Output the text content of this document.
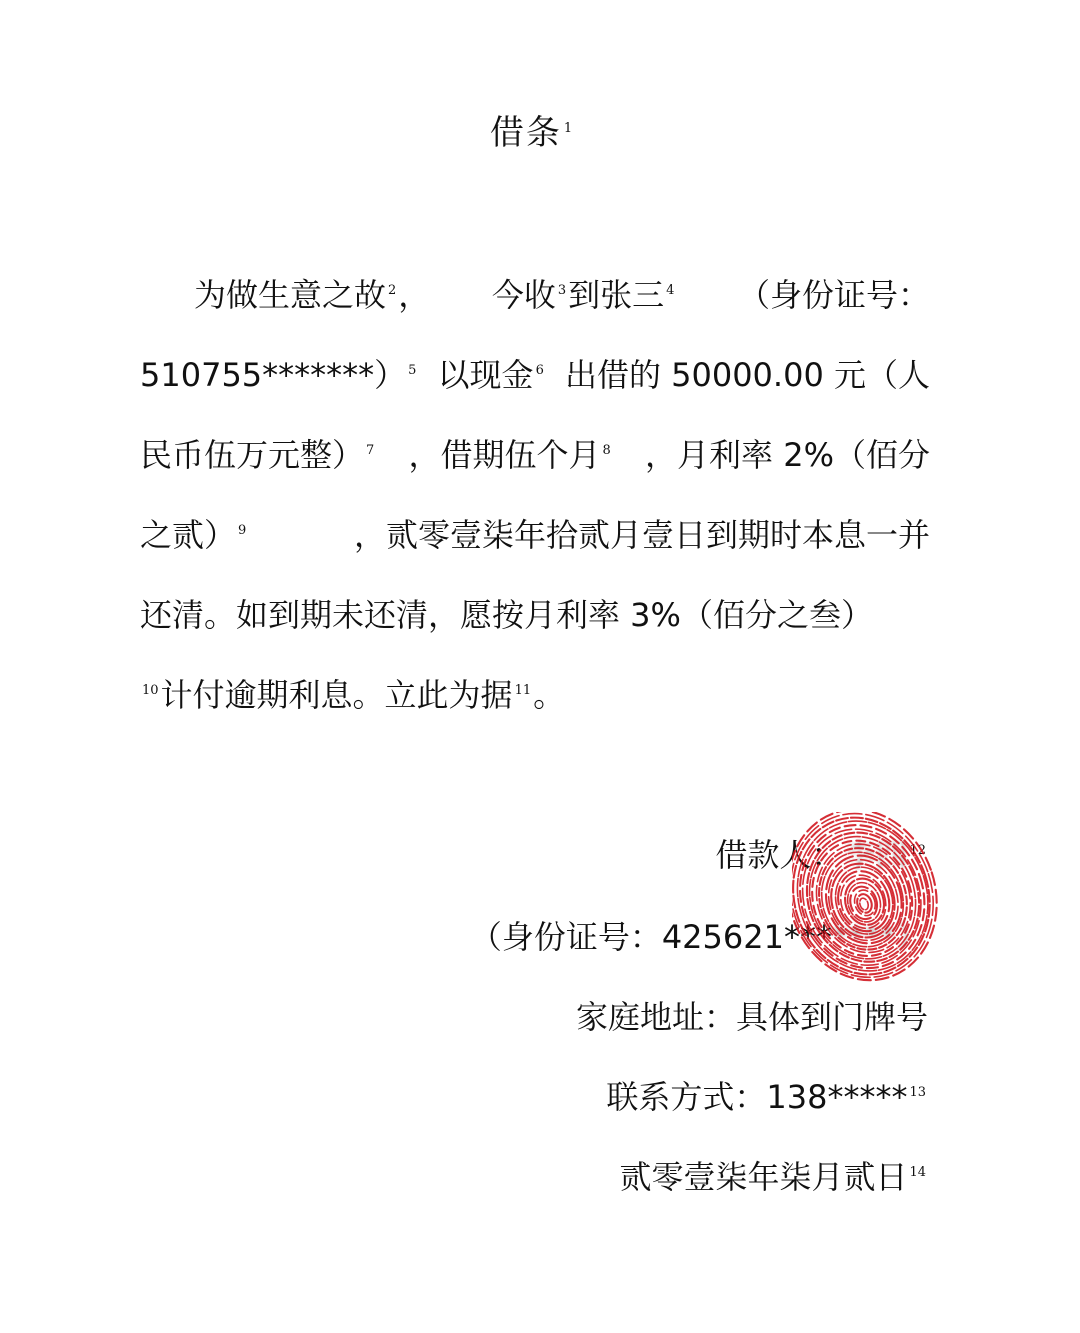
借条 $^1$
为做生意之故 $^2$， 今收 $^3$到张三 $^4$ （身份证号：
510755*******） $^5$ 以现金 $^6$ 出借的 50000.00 元（人
民币伍万元整） $^7$ ，借期伍个月 $^8$ ，月利率 2%（佰分
之贰） $^9$	，贰零壹柒年拾贰月壹日到期时本息一并
还清。如到期未还清，愿按月利率 3%（佰分之叁）
$^{10}$计付逾期利息。立此为据 $^{11}$。
借款人：李四 $^{12}$
（身份证号：425621*******）
家庭地址：具体到门牌号
联系方式：138***** $^{13}$
贰零壹柒年柒月贰日 $^{14}$
